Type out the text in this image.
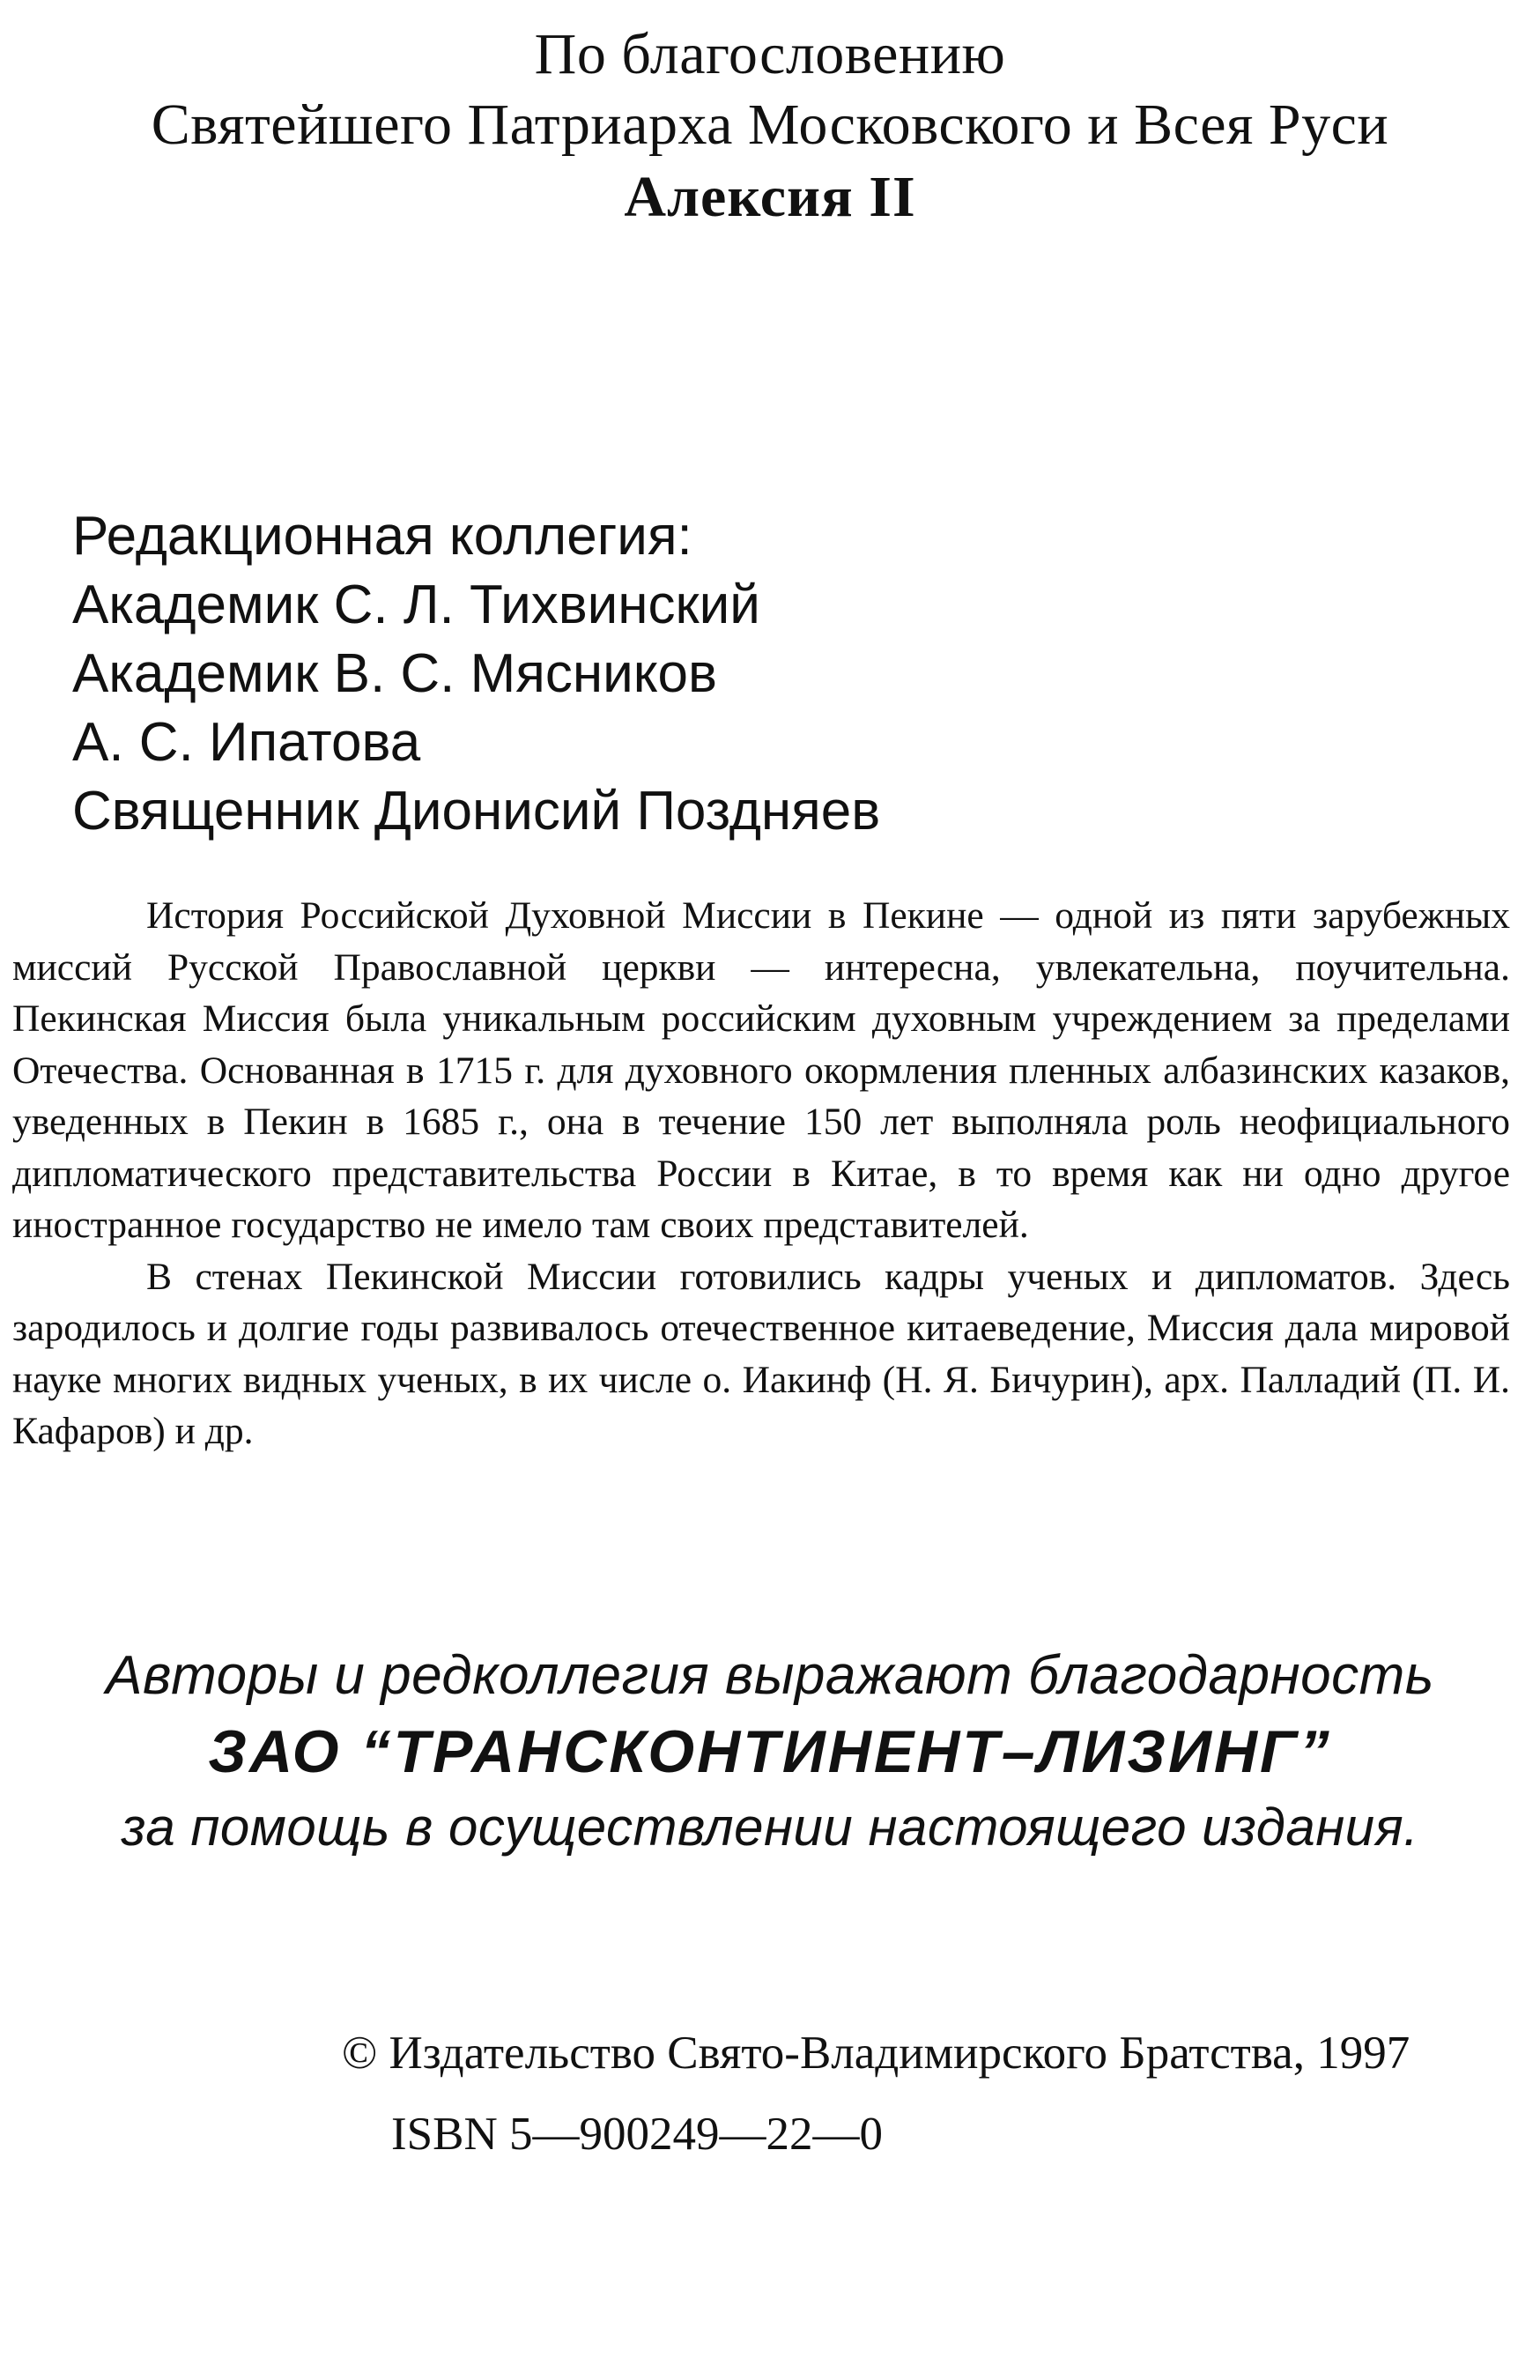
По благословению
Святейшего Патриарха Московского и Всея Руси
Алексия II
Редакционная коллегия:
Академик С. Л. Тихвинский
Академик В. С. Мясников
А. С. Ипатова
Священник Дионисий Поздняев

История Российской Духовной Миссии в Пекине — одной из пяти зарубежных миссий Русской Православной церкви — интересна, увлекательна, поучительна. Пекинская Миссия была уникальным российским духовным учреждением за пределами Отечества. Основанная в 1715 г. для духовного окормления пленных албазинских казаков, уведенных в Пекин в 1685 г., она в течение 150 лет выполняла роль неофициального дипломатического представительства России в Китае, в то время как ни одно другое иностранное государство не имело там своих представителей.

В стенах Пекинской Миссии готовились кадры ученых и дипломатов. Здесь зародилось и долгие годы развивалось отечественное китаеведение, Миссия дала мировой науке многих видных ученых, в их числе о. Иакинф (Н. Я. Бичурин), арх. Палладий (П. И. Кафаров) и др.

Авторы и редколлегия выражают благодарность
ЗАО “ТРАНСКОНТИНЕНТ–ЛИЗИНГ”
за помощь в осуществлении настоящего издания.
© Издательство Свято-Владимирского Братства, 1997
ISBN 5—900249—22—0
